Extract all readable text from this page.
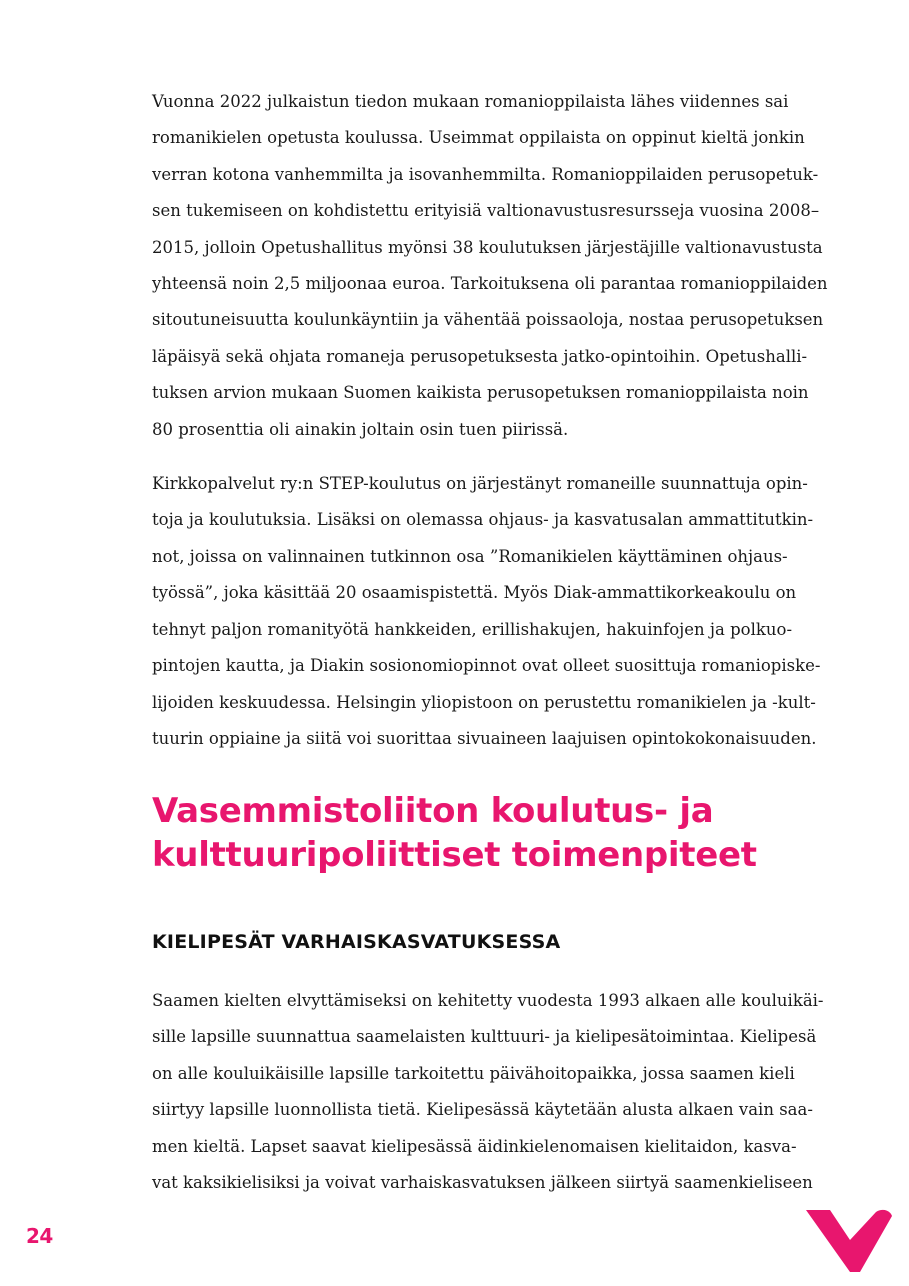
Vuonna 2022 julkaistun tiedon mukaan romanioppilaista lähes viidennes sai
romanikielen opetusta koulussa. Useimmat oppilaista on oppinut kieltä jonkin
verran kotona vanhemmilta ja isovanhemmilta. Romanioppilaiden perusopetuk-
sen tukemiseen on kohdistettu erityisiä valtionavustusresursseja vuosina 2008–
2015, jolloin Opetushallitus myönsi 38 koulutuksen järjestäjille valtionavustusta
yhteensä noin 2,5 miljoonaa euroa. Tarkoituksena oli parantaa romanioppilaiden
sitoutuneisuutta koulunkäyntiin ja vähentää poissaoloja, nostaa perusopetuksen
läpäisyä sekä ohjata romaneja perusopetuksesta jatko-opintoihin. Opetushalli-
tuksen arvion mukaan Suomen kaikista perusopetuksen romanioppilaista noin
80 prosenttia oli ainakin joltain osin tuen piirissä.

Kirkkopalvelut ry:n STEP-koulutus on järjestänyt romaneille suunnattuja opin-
toja ja koulutuksia. Lisäksi on olemassa ohjaus- ja kasvatusalan ammattitutkin-
not, joissa on valinnainen tutkinnon osa ”Romanikielen käyttäminen ohjaus-
työssä”, joka käsittää 20 osaamispistettä. Myös Diak-ammattikorkeakoulu on
tehnyt paljon romanityötä hankkeiden, erillishakujen, hakuinfojen ja polkuo-
pintojen kautta, ja Diakin sosionomiopinnot ovat olleet suosittuja romaniopiske-
lijoiden keskuudessa. Helsingin yliopistoon on perustettu romanikielen ja -kult-
tuurin oppiaine ja siitä voi suorittaa sivuaineen laajuisen opintokokonaisuuden.

Vasemmistoliiton koulutus- ja
kulttuuripoliittiset toimenpiteet
KIELIPESÄT VARHAISKASVATUKSESSA

Saamen kielten elvyttämiseksi on kehitetty vuodesta 1993 alkaen alle kouluikäi-
sille lapsille suunnattua saamelaisten kulttuuri- ja kielipesätoimintaa. Kielipesä
on alle kouluikäisille lapsille tarkoitettu päivähoitopaikka, jossa saamen kieli
siirtyy lapsille luonnollista tietä. Kielipesässä käytetään alusta alkaen vain saa-
men kieltä. Lapset saavat kielipesässä äidinkielenomaisen kielitaidon, kasva-
vat kaksikielisiksi ja voivat varhaiskasvatuksen jälkeen siirtyä saamenkieliseen

24
